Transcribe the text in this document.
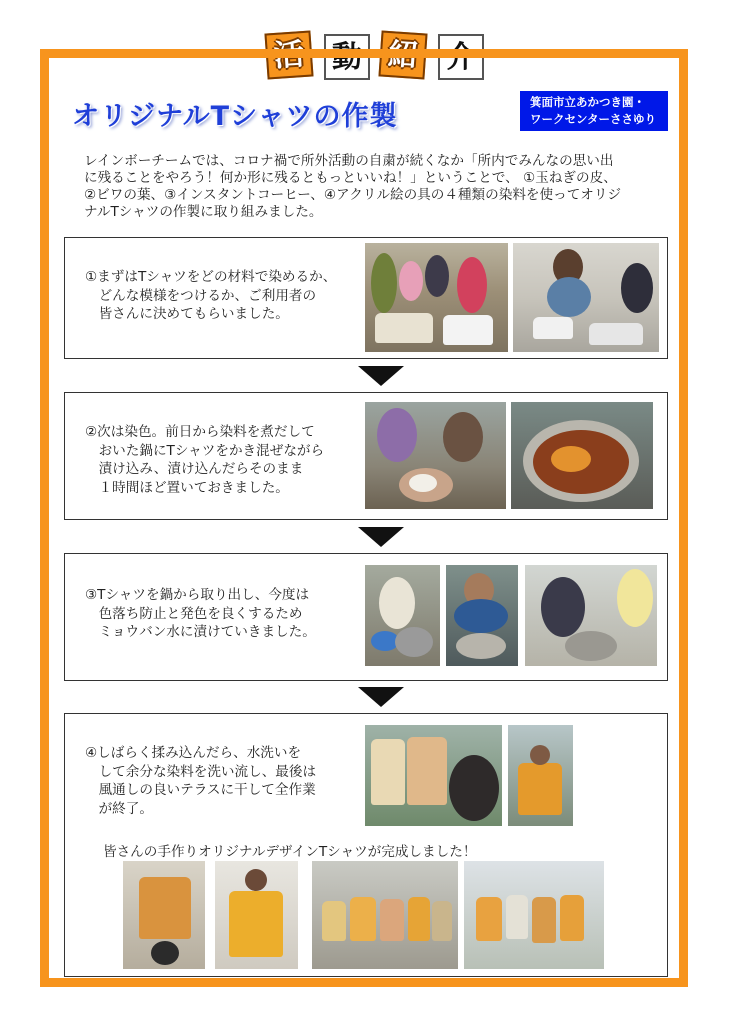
活 動 紹 介
オリジナルTシャツの作製	箕面市立あかつき園・
ワークセンターささゆり
レインボーチームでは、コロナ禍で所外活動の自粛が続くなか「所内でみんなの思い出
に残ることをやろう！何か形に残るともっといいね！」ということで、 ①玉ねぎの皮、
②ビワの葉、③インスタントコーヒー、④アクリル絵の具の４種類の染料を使ってオリジ
ナルTシャツの作製に取り組みました。
①まずはTシャツをどの材料で染めるか、
　どんな模様をつけるか、ご利用者の
　皆さんに決めてもらいました。
②次は染色。前日から染料を煮だして
　おいた鍋にTシャツをかき混ぜながら
　漬け込み、漬け込んだらそのまま
　１時間ほど置いておきました。
③Tシャツを鍋から取り出し、今度は
　色落ち防止と発色を良くするため
　ミョウバン水に漬けていきました。
④しばらく揉み込んだら、水洗いを
　して余分な染料を洗い流し、最後は
　風通しの良いテラスに干して全作業
　が終了。
皆さんの手作りオリジナルデザインTシャツが完成しました！
